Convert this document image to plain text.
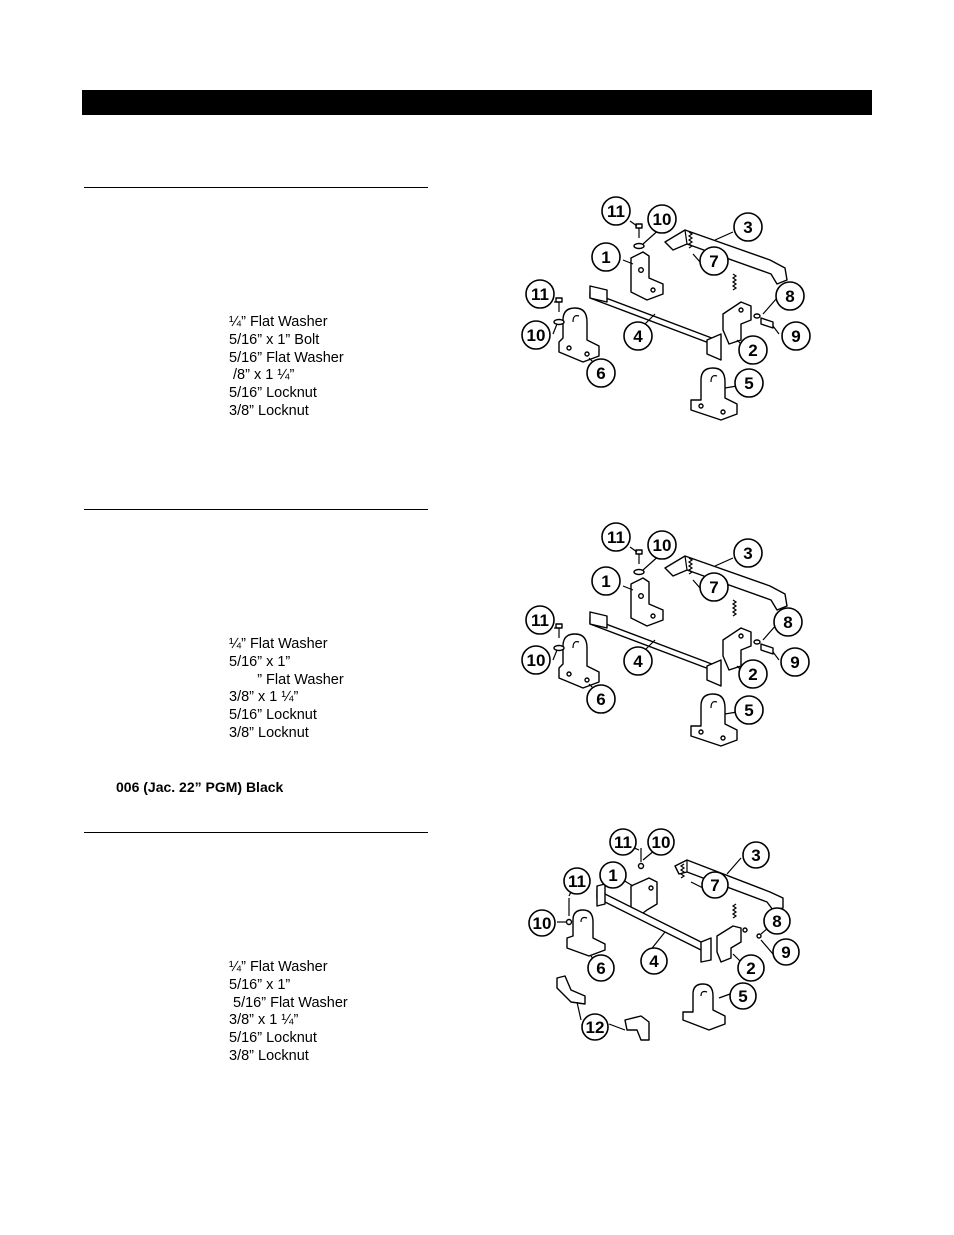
¼” Flat Washer
5/16” x 1” Bolt
5/16” Flat Washer
/8” x 1 ¼”
5/16” Locknut
3/8” Locknut
¼” Flat Washer
5/16” x 1”
” Flat Washer
3/8” x 1 ¼”
5/16” Locknut
3/8” Locknut
006 (Jac. 22” PGM) Black
¼” Flat Washer
5/16” x 1”
5/16” Flat Washer
3/8” x 1 ¼”
5/16” Locknut
3/8” Locknut
11 10	3
1	7
8
11
10	4
2
9
6
5
11 10	3
1	7
8
11
10	4
2
9
6
5
11 10
3
1
7
11
10	8
9
4	2
6
5
12
